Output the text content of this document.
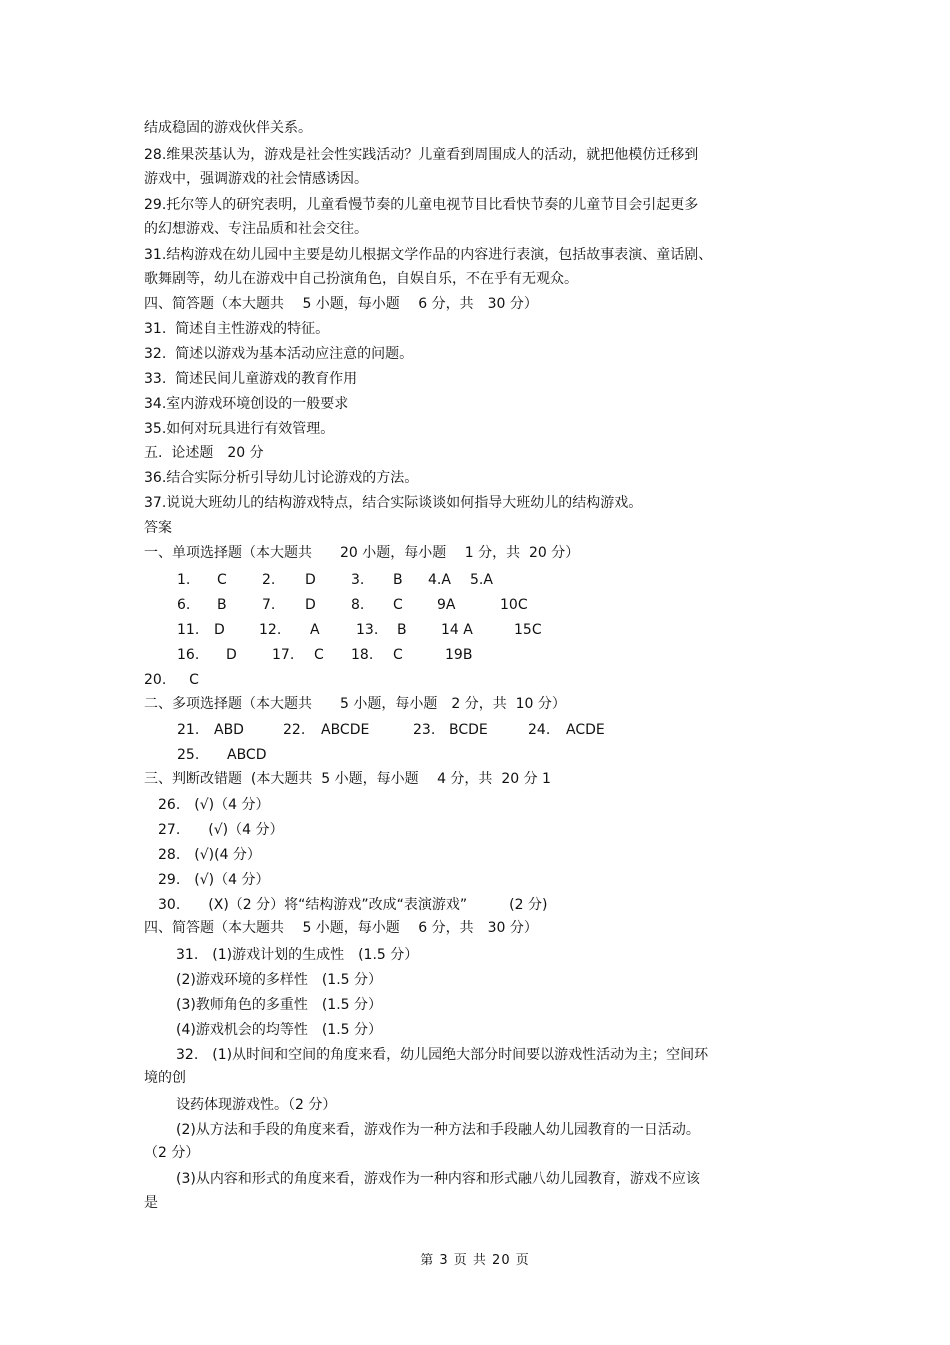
结成稳固的游戏伙伴关系。
28.维果茨基认为，游戏是社会性实践活动？儿童看到周围成人的活动，就把他模仿迁移到
游戏中，强调游戏的社会情感诱因。
29.托尔等人的研究表明，儿童看慢节奏的儿童电视节目比看快节奏的儿童节目会引起更多
的幻想游戏、专注品质和社会交往。
31.结构游戏在幼儿园中主要是幼儿根据文学作品的内容进行表演，包括故事表演、童话剧、
歌舞剧等，幼儿在游戏中自己扮演角色，自娱自乐，不在乎有无观众。
四、简答题（本大题共　 5 小题，每小题　 6 分，共　30 分）
31.  简述自主性游戏的特征。
32.  简述以游戏为基本活动应注意的问题。
33.  简述民间儿童游戏的教育作用
34.室内游戏环境创设的一般要求
35.如何对玩具进行有效管理。
五.  论述题　20 分
36.结合实际分析引导幼儿讨论游戏的方法。
37.说说大班幼儿的结构游戏特点，结合实际谈谈如何指导大班幼儿的结构游戏。
答案
一、单项选择题（本大题共　　20 小题，每小题　 1 分，共  20 分）
1. C	2. D	3. B 4.A 5.A
6. B	7. D	8. C 9A	10C
11. D 12. A	13. B 14 A	15C
16. D	17. C 18. C	19B
20.　  C
二、多项选择题（本大题共　　5 小题，每小题　2 分，共  10 分）
21. ABD	22. ABCDE	23. BCDE	24. ACDE
25. ABCD
三、判断改错题  (本大题共  5 小题，每小题　 4 分，共  20 分 1
26.　(√)（4 分）
27.　　(√)（4 分）
28.　(√)(4 分）
29.　(√)（4 分）
30.　　(X)（2 分）将“结构游戏”改成“表演游戏”　　　(2 分)
四、简答题（本大题共　 5 小题，每小题　 6 分，共　30 分）
31.　(1)游戏计划的生成性　(1.5 分）
(2)游戏环境的多样性　(1.5 分）
(3)教师角色的多重性　(1.5 分）
(4)游戏机会的均等性　(1.5 分）
32.　(1)从时间和空间的角度来看，幼儿园绝大部分时间要以游戏性活动为主；空间环
境的创
设药体现游戏性。（2 分）
(2)从方法和手段的角度来看，游戏作为一种方法和手段融人幼儿园教育的一日活动。
（2 分）
(3)从内容和形式的角度来看，游戏作为一种内容和形式融八幼儿园教育，游戏不应该
是
第 3 页 共 20 页
